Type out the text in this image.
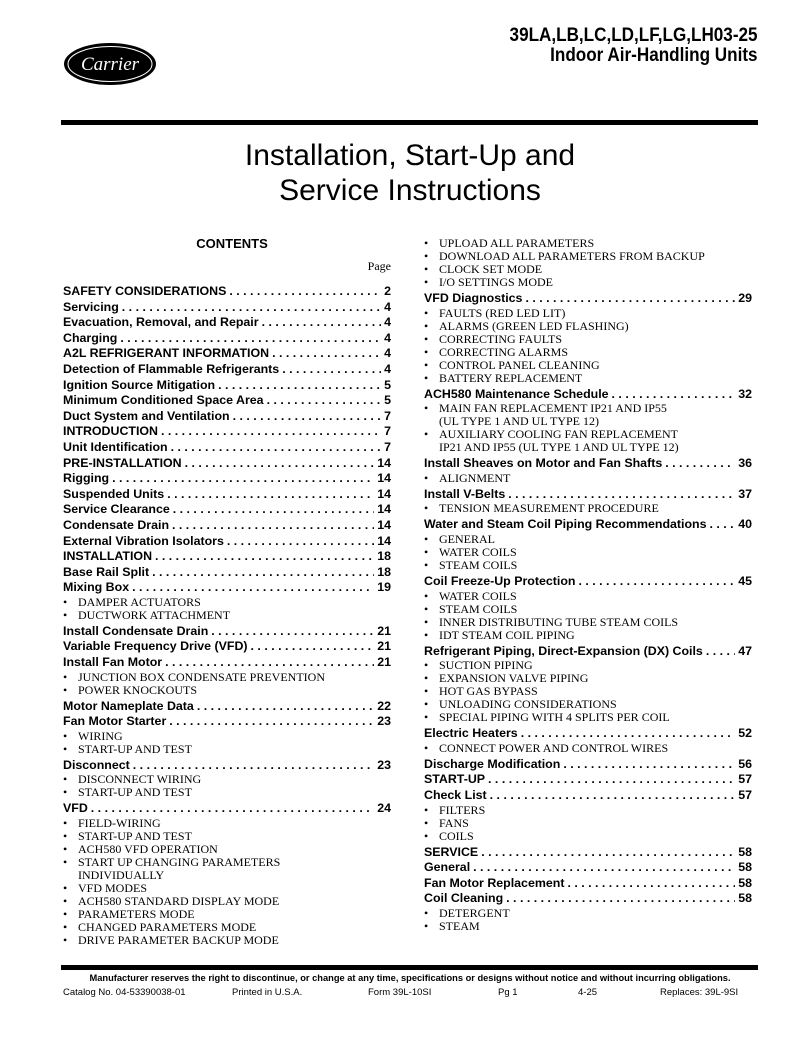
Carrier
39LA,LB,LC,LD,LF,LG,LH03-25
Indoor Air-Handling Units
Installation, Start-Up and
Service Instructions
CONTENTS
Page
SAFETY CONSIDERATIONS . . .	2
Servicing . . .	4
Evacuation, Removal, and Repair . . .	4
Charging . . .	4
A2L REFRIGERANT INFORMATION . . .	4
Detection of Flammable Refrigerants . . .	4
Ignition Source Mitigation . . .	5
Minimum Conditioned Space Area . . .	5
Duct System and Ventilation . . .	7
INTRODUCTION . . .	7
Unit Identification . . .	7
PRE-INSTALLATION . . .	14
Rigging . . .	14
Suspended Units . . .	14
Service Clearance . . .	14
Condensate Drain . . .	14
External Vibration Isolators . . .	14
INSTALLATION . . .	18
Base Rail Split . . .	18
Mixing Box . . .	19
• DAMPER ACTUATORS
• DUCTWORK ATTACHMENT
Install Condensate Drain . . .	21
Variable Frequency Drive (VFD) . . .	21
Install Fan Motor . . .	21
• JUNCTION BOX CONDENSATE PREVENTION
• POWER KNOCKOUTS
Motor Nameplate Data . . .	22
Fan Motor Starter . . .	23
• WIRING
• START-UP AND TEST
Disconnect . . .	23
• DISCONNECT WIRING
• START-UP AND TEST
VFD . . .	24
• FIELD-WIRING
• START-UP AND TEST
• ACH580 VFD OPERATION
• START UP CHANGING PARAMETERS
INDIVIDUALLY
• VFD MODES
• ACH580 STANDARD DISPLAY MODE
• PARAMETERS MODE
• CHANGED PARAMETERS MODE
• DRIVE PARAMETER BACKUP MODE
• UPLOAD ALL PARAMETERS
• DOWNLOAD ALL PARAMETERS FROM BACKUP
• CLOCK SET MODE
• I/O SETTINGS MODE
VFD Diagnostics . . .	29
• FAULTS (RED LED LIT)
• ALARMS (GREEN LED FLASHING)
• CORRECTING FAULTS
• CORRECTING ALARMS
• CONTROL PANEL CLEANING
• BATTERY REPLACEMENT
ACH580 Maintenance Schedule . . .	32
• MAIN FAN REPLACEMENT IP21 AND IP55
(UL TYPE 1 AND UL TYPE 12)
• AUXILIARY COOLING FAN REPLACEMENT
IP21 AND IP55 (UL TYPE 1 AND UL TYPE 12)
Install Sheaves on Motor and Fan Shafts . . .	36
• ALIGNMENT
Install V-Belts . . .	37
• TENSION MEASUREMENT PROCEDURE
Water and Steam Coil Piping Recommendations . . .	40
• GENERAL
• WATER COILS
• STEAM COILS
Coil Freeze-Up Protection . . .	45
• WATER COILS
• STEAM COILS
• INNER DISTRIBUTING TUBE STEAM COILS
• IDT STEAM COIL PIPING
Refrigerant Piping, Direct-Expansion (DX) Coils . . .	47
• SUCTION PIPING
• EXPANSION VALVE PIPING
• HOT GAS BYPASS
• UNLOADING CONSIDERATIONS
• SPECIAL PIPING WITH 4 SPLITS PER COIL
Electric Heaters . . .	52
• CONNECT POWER AND CONTROL WIRES
Discharge Modification . . .	56
START-UP . . .	57
Check List . . .	57
• FILTERS
• FANS
• COILS
SERVICE . . .	58
General . . .	58
Fan Motor Replacement . . .	58
Coil Cleaning . . .	58
• DETERGENT
• STEAM
Manufacturer reserves the right to discontinue, or change at any time, specifications or designs without notice and without incurring obligations.
Catalog No. 04-53390038-01	Printed in U.S.A.	Form 39L-10SI	Pg 1	4-25	Replaces: 39L-9SI
